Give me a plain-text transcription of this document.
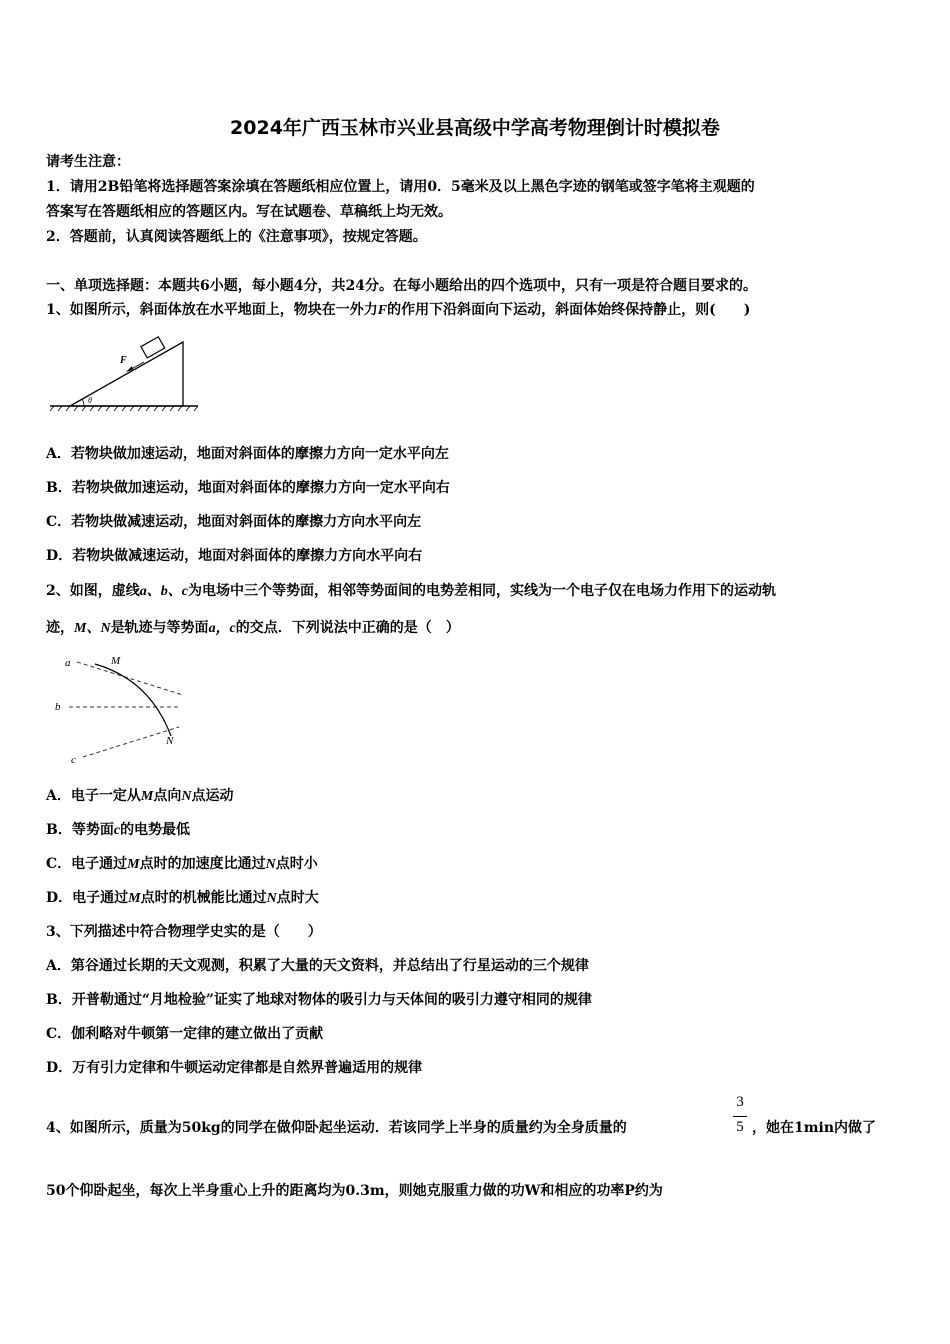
2024年广西玉林市兴业县高级中学高考物理倒计时模拟卷
请考生注意：
1．请用2B铅笔将选择题答案涂填在答题纸相应位置上，请用0．5毫米及以上黑色字迹的钢笔或签字笔将主观题的
答案写在答题纸相应的答题区内。写在试题卷、草稿纸上均无效。
2．答题前，认真阅读答题纸上的《注意事项》，按规定答题。
一、单项选择题：本题共6小题，每小题4分，共24分。在每小题给出的四个选项中，只有一项是符合题目要求的。
1、如图所示，斜面体放在水平地面上，物块在一外力F的作用下沿斜面向下运动，斜面体始终保持静止，则(　　)
θ
F
A．若物块做加速运动，地面对斜面体的摩擦力方向一定水平向左
B．若物块做加速运动，地面对斜面体的摩擦力方向一定水平向右
C．若物块做减速运动，地面对斜面体的摩擦力方向水平向左
D．若物块做减速运动，地面对斜面体的摩擦力方向水平向右
2、如图，虚线a、b、c为电场中三个等势面，相邻等势面间的电势差相同，实线为一个电子仅在电场力作用下的运动轨
迹，M、N是轨迹与等势面a，c的交点．下列说法中正确的是（　）
a	M
b
c
N
A．电子一定从M点向N点运动
B．等势面c的电势最低
C．电子通过M点时的加速度比通过N点时小
D．电子通过M点时的机械能比通过N点时大
3、下列描述中符合物理学史实的是（　　）
A．第谷通过长期的天文观测，积累了大量的天文资料，并总结出了行星运动的三个规律
B．开普勒通过“月地检验”证实了地球对物体的吸引力与天体间的吸引力遵守相同的规律
C．伽利略对牛顿第一定律的建立做出了贡献
D．万有引力定律和牛顿运动定律都是自然界普遍适用的规律
4、如图所示，质量为50kg的同学在做仰卧起坐运动．若该同学上半身的质量约为全身质量的
3
5 ，她在1min内做了
50个仰卧起坐，每次上半身重心上升的距离均为0.3m，则她克服重力做的功W和相应的功率P约为
